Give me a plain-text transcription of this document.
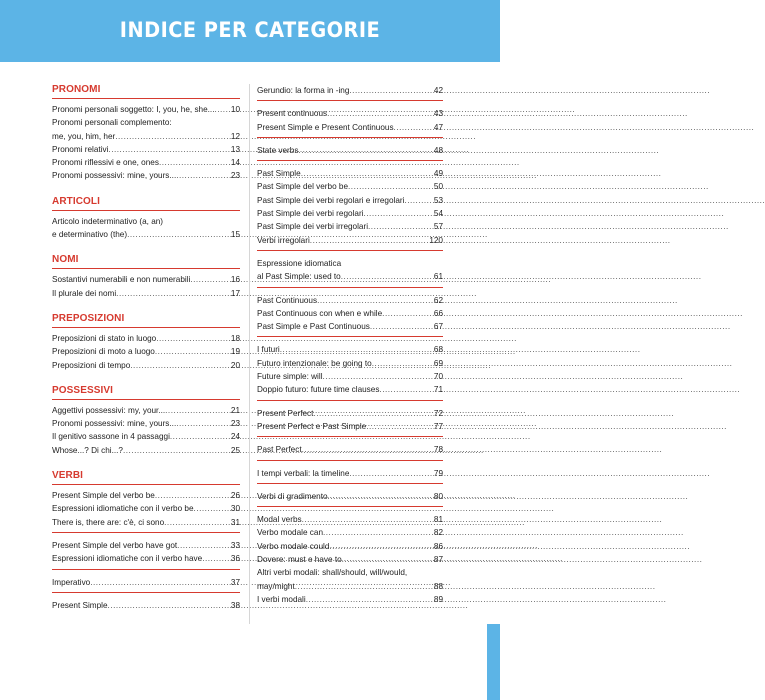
INDICE PER CATEGORIE
PRONOMI
Pronomi personali soggetto: I, you, he, she... ..... 10
Pronomi personali complemento:
me, you, him, her .....	12
Pronomi relativi .....	13
Pronomi riflessivi e one, ones .....	14
Pronomi possessivi: mine, yours... .....	23
ARTICOLI
Articolo indeterminativo (a, an)
e determinativo (the) .....	15
NOMI
Sostantivi numerabili e non numerabili .....	16
Il plurale dei nomi .....	17
PREPOSIZIONI
Preposizioni di stato in luogo .....	18
Preposizioni di moto a luogo .....	19
Preposizioni di tempo .....	20
POSSESSIVI
Aggettivi possessivi: my, your... .....	21
Pronomi possessivi: mine, yours... .....	23
Il genitivo sassone in 4 passaggi .....	24
Whose...? Di chi...? .....	25
VERBI
Present Simple del verbo be .....	26
Espressioni idiomatiche con il verbo be .....	30
There is, there are: c'è, ci sono .....	31
Present Simple del verbo have got .....	33
Espressioni idiomatiche con il verbo have .....	36
Imperativo .....	37
Present Simple .....	38
Gerundio: la forma in -ing .....	42
Present continuous .....	43
Present Simple e Present Continuous .....	47
State verbs .....	48
Past Simple .....	49
Past Simple del verbo be .....	50
Past Simple dei verbi regolari e irregolari .....	53
Past Simple dei verbi regolari .....	54
Past Simple dei verbi irregolari .....	57
Verbi irregolari .....	120
Espressione idiomatica
al Past Simple: used to .....	61
Past Continuous .....	62
Past Continuous con when e while .....	66
Past Simple e Past Continuous .....	67
I futuri .....	68
Futuro intenzionale: be going to .....	69
Future simple: will .....	70
Doppio futuro: future time clauses .....	71
Present Perfect .....	72
Present Perfect e Past Simple .....	77
Past Perfect .....	78
I tempi verbali: la timeline .....	79
Verbi di gradimento .....	80
Modal verbs .....	81
Verbo modale can .....	82
Verbo modale could .....	86
Dovere: must e have to .....	87
Altri verbi modali: shall/should, will/would,
may/might .....	88
I verbi modali .....	89
